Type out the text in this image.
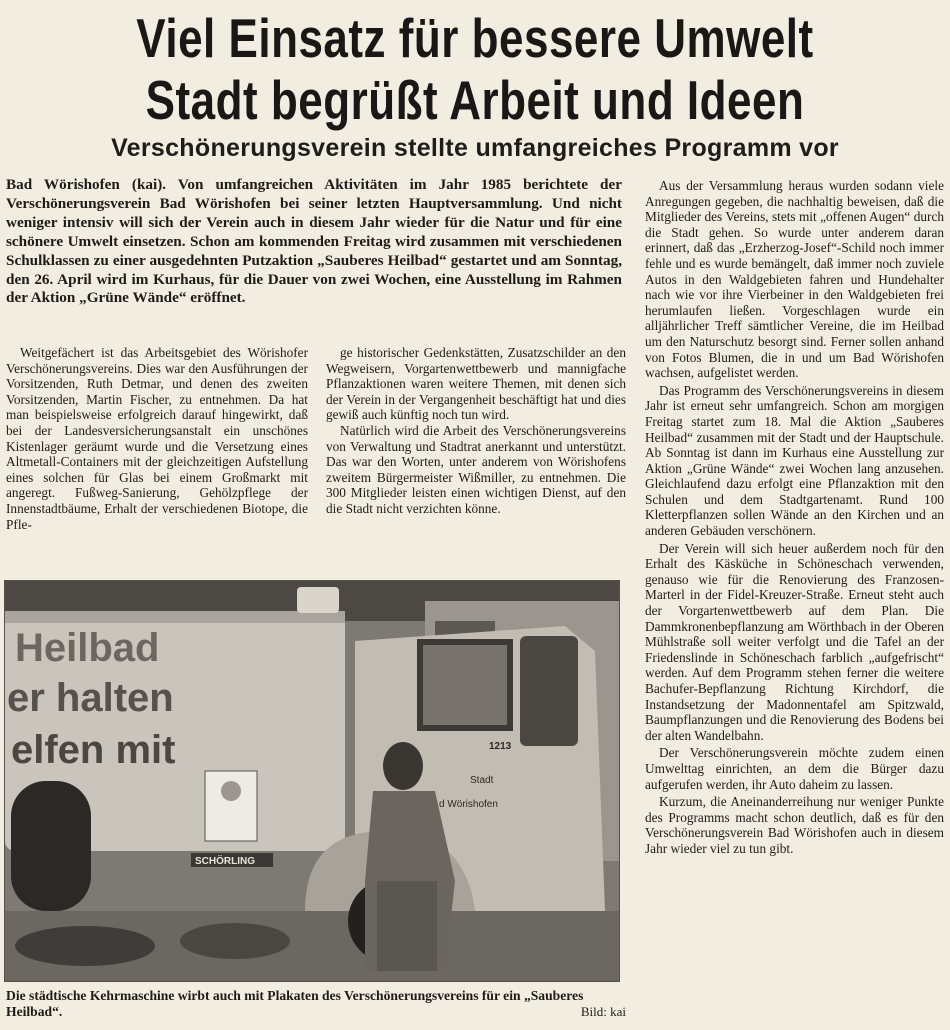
Viel Einsatz für bessere Umwelt
Stadt begrüßt Arbeit und Ideen
Verschönerungsverein stellte umfangreiches Programm vor

Bad Wörishofen (kai). Von umfangreichen Aktivitäten im Jahr 1985 berichtete der Verschönerungsverein Bad Wörishofen bei seiner letzten Hauptversammlung. Und nicht weniger intensiv will sich der Verein auch in diesem Jahr wieder für die Natur und für eine schönere Umwelt einsetzen. Schon am kommenden Freitag wird zusammen mit verschiedenen Schulklassen zu einer ausgedehnten Putzaktion „Sauberes Heilbad“ gestartet und am Sonntag, den 26. April wird im Kurhaus, für die Dauer von zwei Wochen, eine Ausstellung im Rahmen der Aktion „Grüne Wände“ eröffnet.

Weitgefächert ist das Arbeitsgebiet des Wörishofer Verschönerungsvereins. Dies war den Ausführungen der Vorsitzenden, Ruth Detmar, und denen des zweiten Vorsitzenden, Martin Fischer, zu entnehmen. Da hat man beispielsweise erfolgreich darauf hingewirkt, daß bei der Landesversicherungsanstalt ein unschönes Kistenlager geräumt wurde und die Versetzung eines Altmetall-Containers mit der gleichzeitigen Aufstellung eines solchen für Glas bei einem Großmarkt mit angeregt. Fußweg-Sanierung, Gehölzpflege der Innenstadtbäume, Erhalt der verschiedenen Biotope, die Pfle-

ge historischer Gedenkstätten, Zusatzschilder an den Wegweisern, Vorgartenwettbewerb und mannigfache Pflanzaktionen waren weitere Themen, mit denen sich der Verein in der Vergangenheit beschäftigt hat und dies gewiß auch künftig noch tun wird.

Natürlich wird die Arbeit des Verschönerungsvereins von Verwaltung und Stadtrat anerkannt und unterstützt. Das war den Worten, unter anderem von Wörishofens zweitem Bürgermeister Wißmiller, zu entnehmen. Die 300 Mitglieder leisten einen wichtigen Dienst, auf den die Stadt nicht verzichten könne.

Aus der Versammlung heraus wurden sodann viele Anregungen gegeben, die nachhaltig beweisen, daß die Mitglieder des Vereins, stets mit „offenen Augen“ durch die Stadt gehen. So wurde unter anderem daran erinnert, daß das „Erzherzog-Josef“-Schild noch immer fehle und es wurde bemängelt, daß immer noch zuviele Autos in den Waldgebieten fahren und Hundehalter nach wie vor ihre Vierbeiner in den Waldgebieten frei herumlaufen ließen. Vorgeschlagen wurde ein alljährlicher Treff sämtlicher Vereine, die im Heilbad um den Naturschutz besorgt sind. Ferner sollen anhand von Fotos Blumen, die in und um Bad Wörishofen wachsen, aufgelistet werden.

Das Programm des Verschönerungsvereins in diesem Jahr ist erneut sehr umfangreich. Schon am morgigen Freitag startet zum 18. Mal die Aktion „Sauberes Heilbad“ zusammen mit der Stadt und der Hauptschule. Ab Sonntag ist dann im Kurhaus eine Ausstellung zur Aktion „Grüne Wände“ zwei Wochen lang anzusehen. Gleichlaufend dazu erfolgt eine Pflanzaktion mit den Schulen und dem Stadtgartenamt. Rund 100 Kletterpflanzen sollen Wände an den Kirchen und an anderen Gebäuden verschönern.

Der Verein will sich heuer außerdem noch für den Erhalt des Käsküche in Schöneschach verwenden, genauso wie für die Renovierung des Franzosen-Marterl in der Fidel-Kreuzer-Straße. Erneut steht auch der Vorgartenwettbewerb auf dem Plan. Die Dammkronenbepflanzung am Wörthbach in der Oberen Mühlstraße soll weiter verfolgt und die Tafel an der Friedenslinde in Schöneschach farblich „aufgefrischt“ werden. Auf dem Programm stehen ferner die weitere Bachufer-Bepflanzung Richtung Kirchdorf, die Instandsetzung der Madonnentafel am Spitzwald, Baumpflanzungen und die Renovierung des Bodens bei der alten Wandelbahn.

Der Verschönerungsverein möchte zudem einen Umwelttag einrichten, an dem die Bürger dazu aufgerufen werden, ihr Auto daheim zu lassen.

Kurzum, die Aneinanderreihung nur weniger Punkte des Programms macht schon deutlich, daß es für den Verschönerungsverein Bad Wörishofen auch in diesem Jahr wieder viel zu tun gibt.

Heilbad
er halten
elfen mit
SCHÖRLING
1213
Stadt
d Wörishofen
Die städtische Kehrmaschine wirbt auch mit Plakaten des Verschönerungsvereins für ein „Sauberes Heilbad“.	Bild: kai
